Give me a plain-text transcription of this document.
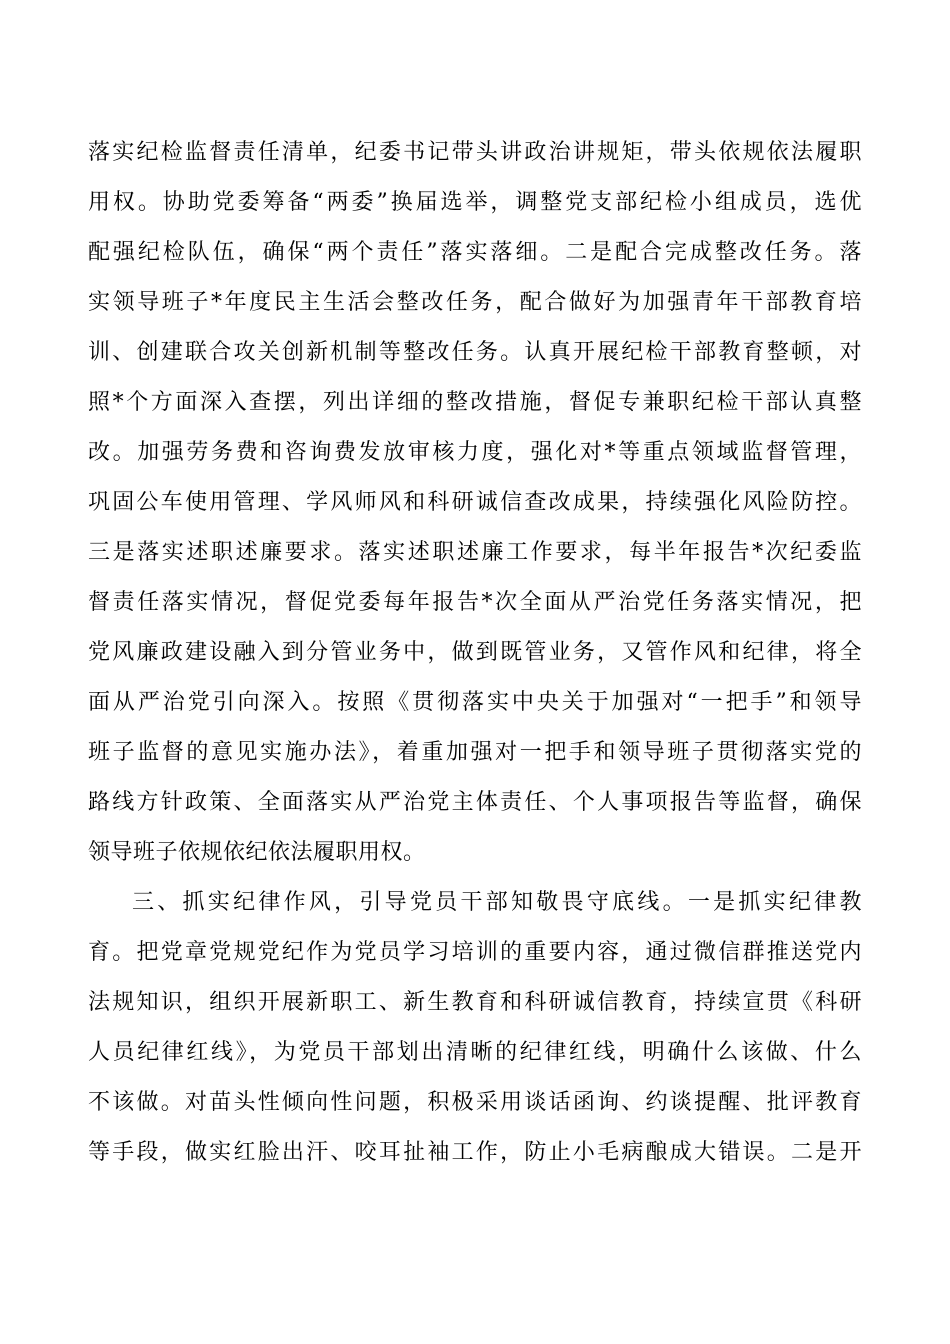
落实纪检监督责任清单，纪委书记带头讲政治讲规矩，带头依规依法履职
用权。协助党委筹备“两委”换届选举，调整党支部纪检小组成员，选优
配强纪检队伍，确保“两个责任”落实落细。二是配合完成整改任务。落
实领导班子*年度民主生活会整改任务，配合做好为加强青年干部教育培
训、创建联合攻关创新机制等整改任务。认真开展纪检干部教育整顿，对
照*个方面深入查摆，列出详细的整改措施，督促专兼职纪检干部认真整
改。加强劳务费和咨询费发放审核力度，强化对*等重点领域监督管理，
巩固公车使用管理、学风师风和科研诚信查改成果，持续强化风险防控。
三是落实述职述廉要求。落实述职述廉工作要求，每半年报告*次纪委监
督责任落实情况，督促党委每年报告*次全面从严治党任务落实情况，把
党风廉政建设融入到分管业务中，做到既管业务，又管作风和纪律，将全
面从严治党引向深入。按照《贯彻落实中央关于加强对“一把手”和领导
班子监督的意见实施办法》，着重加强对一把手和领导班子贯彻落实党的
路线方针政策、全面落实从严治党主体责任、个人事项报告等监督，确保
领导班子依规依纪依法履职用权。
三、抓实纪律作风，引导党员干部知敬畏守底线。一是抓实纪律教
育。把党章党规党纪作为党员学习培训的重要内容，通过微信群推送党内
法规知识，组织开展新职工、新生教育和科研诚信教育，持续宣贯《科研
人员纪律红线》，为党员干部划出清晰的纪律红线，明确什么该做、什么
不该做。对苗头性倾向性问题，积极采用谈话函询、约谈提醒、批评教育
等手段，做实红脸出汗、咬耳扯袖工作，防止小毛病酿成大错误。二是开
